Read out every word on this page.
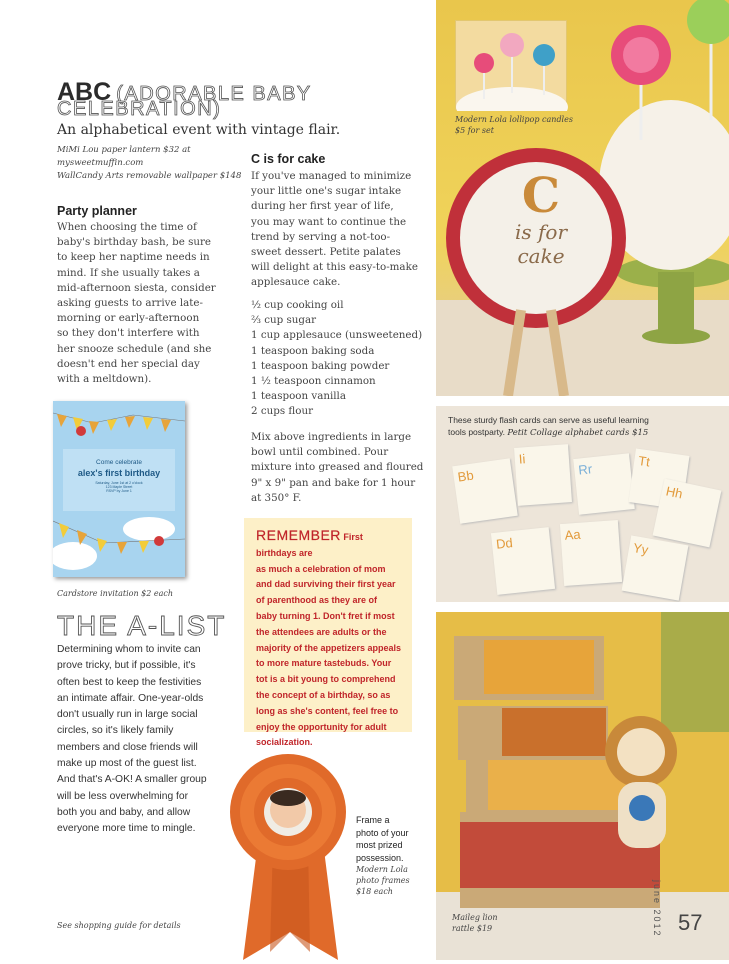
Modern Lola lollipop candles
$5 for set
C
is for
cake
These sturdy flash cards can serve as useful learning
tools postparty. Petit Collage alphabet cards $15
Bb
Ii
Rr	Tt
Hh
Dd
Aa
Yy
Maileg lion
rattle $19	june 2012 57
ABC (ADORABLE BABY
CELEBRATION)
An alphabetical event with vintage flair.
MiMi Lou paper lantern $32 at
mysweetmuffin.com
WallCandy Arts removable wallpaper $148
Party planner
When choosing the time of
baby's birthday bash, be sure
to keep her naptime needs in
mind. If she usually takes a
mid-afternoon siesta, consider
asking guests to arrive late-
morning or early-afternoon
so they don't interfere with
her snooze schedule (and she
doesn't end her special day
with a meltdown).
Come celebrate
alex's first birthday
Saturday, June 1st at 2 o'clock
123 Maple Street
RSVP by June 1
Cardstore invitation $2 each
C is for cake
If you've managed to minimize
your little one's sugar intake
during her first year of life,
you may want to continue the
trend by serving a not-too-
sweet dessert. Petite palates
will delight at this easy-to-make
applesauce cake.
½ cup cooking oil
⅔ cup sugar
1 cup applesauce (unsweetened)
1 teaspoon baking soda
1 teaspoon baking powder
1 ½ teaspoon cinnamon
1 teaspoon vanilla
2 cups flour
Mix above ingredients in large
bowl until combined. Pour
mixture into greased and floured
9" x 9" pan and bake for 1 hour
at 350° F.
REMEMBER First birthdays are
as much a celebration of mom
and dad surviving their first year
of parenthood as they are of
baby turning 1. Don't fret if most
the attendees are adults or the
majority of the appetizers appeals
to more mature tastebuds. Your
tot is a bit young to comprehend
the concept of a birthday, so as
long as she's content, feel free to
enjoy the opportunity for adult
socialization.
THE A-LIST
Determining whom to invite can
prove tricky, but if possible, it's
often best to keep the festivities
an intimate affair. One-year-olds
don't usually run in large social
circles, so it's likely family
members and close friends will
make up most of the guest list.
And that's A-OK! A smaller group
will be less overwhelming for
both you and baby, and allow
everyone more time to mingle.
Frame a
photo of your
most prized
possession.
Modern Lola
photo frames
$18 each
See shopping guide for details
